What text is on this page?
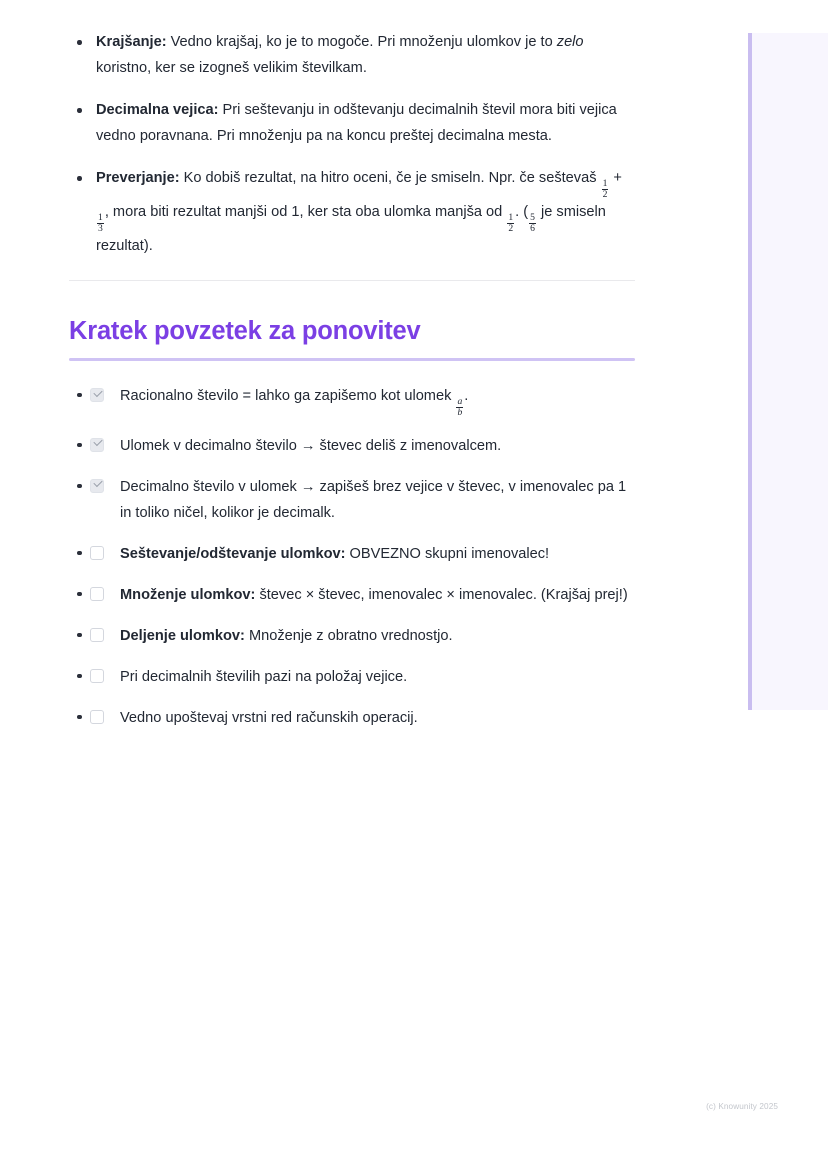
Krajšanje: Vedno krajšaj, ko je to mogoče. Pri množenju ulomkov je to zelo koristno, ker se izogneš velikim številkam.
Decimalna vejica: Pri seštevanju in odštevanju decimalnih števil mora biti vejica vedno poravnana. Pri množenju pa na koncu preštej decimalna mesta.
Preverjanje: Ko dobiš rezultat, na hitro oceni, če je smiseln. Npr. če seštevaš
$\frac{1}{2}$
+
$\frac{1}{3}$
, mora biti rezultat manjši od 1, ker sta oba ulomka manjša od
$\frac{1}{2}$
. (
$\frac{5}{6}$
je smiseln rezultat).
Kratek povzetek za ponovitev
Racionalno število = lahko ga zapišemo kot ulomek
$\frac{a}{b}$
.
Ulomek v decimalno število → števec deliš z imenovalcem.
Decimalno število v ulomek → zapišeš brez vejice v števec, v imenovalec pa 1 in toliko ničel, kolikor je decimalk.
Seštevanje/odštevanje ulomkov: OBVEZNO skupni imenovalec!
Množenje ulomkov: števec × števec, imenovalec × imenovalec. (Krajšaj prej!)
Deljenje ulomkov: Množenje z obratno vrednostjo.
Pri decimalnih številih pazi na položaj vejice.
Vedno upoštevaj vrstni red računskih operacij.
(c) Knowunity 2025
